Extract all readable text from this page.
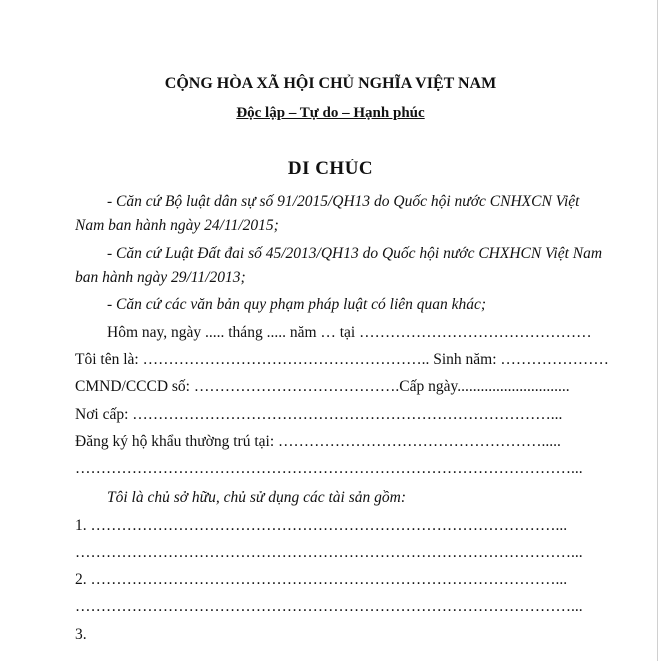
CỘNG HÒA XÃ HỘI CHỦ NGHĨA VIỆT NAM
Độc lập – Tự do – Hạnh phúc
DI CHÚC
- Căn cứ Bộ luật dân sự số 91/2015/QH13 do Quốc hội nước CNHXCN Việt
Nam ban hành ngày 24/11/2015;
- Căn cứ Luật Đất đai số 45/2013/QH13 do Quốc hội nước CHXHCN Việt Nam
ban hành ngày 29/11/2013;
- Căn cứ các văn bản quy phạm pháp luật có liên quan khác;
Hôm nay, ngày ..... tháng ..... năm … tại ………………………………………
Tôi tên là: ……………………………………………….. Sinh năm: …………………
CMND/CCCD số: ………………………………….Cấp ngày.............................
Nơi cấp: ………………………………………………………………………...
Đăng ký hộ khẩu thường trú tại: …………………………………………….....
……………………………………………………………………………………...
Tôi là chủ sở hữu, chủ sử dụng các tài sản gồm:
1. ………………………………………………………………………………...
……………………………………………………………………………………...
2. ………………………………………………………………………………...
……………………………………………………………………………………...
3.
